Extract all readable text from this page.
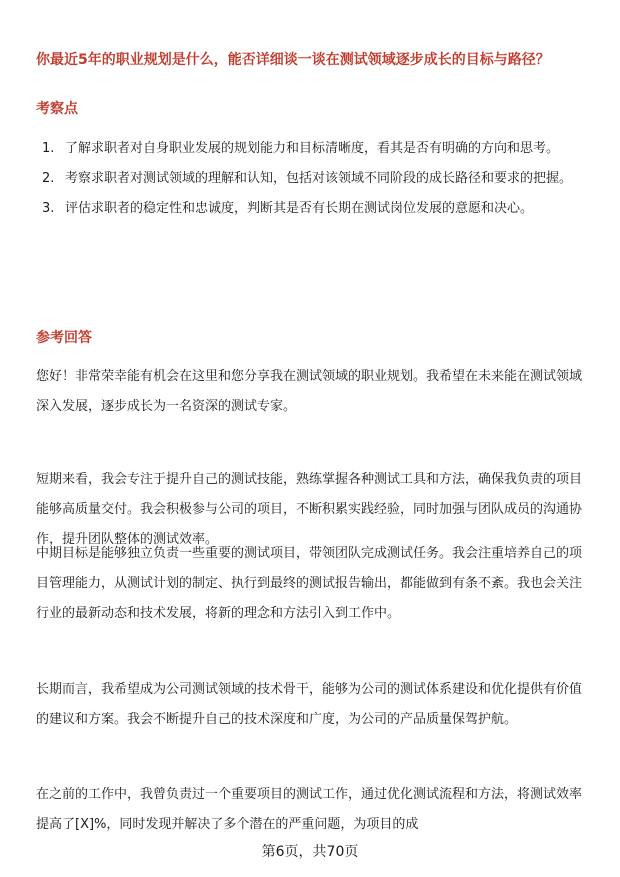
你最近5年的职业规划是什么，能否详细谈一谈在测试领域逐步成长的目标与路径？
考察点
1. 了解求职者对自身职业发展的规划能力和目标清晰度，看其是否有明确的方向和思考。
2. 考察求职者对测试领域的理解和认知，包括对该领域不同阶段的成长路径和要求的把握。
3. 评估求职者的稳定性和忠诚度，判断其是否有长期在测试岗位发展的意愿和决心。
参考回答

您好！非常荣幸能有机会在这里和您分享我在测试领域的职业规划。我希望在未来能在测试领域深入发展，逐步成长为一名资深的测试专家。

短期来看，我会专注于提升自己的测试技能，熟练掌握各种测试工具和方法，确保我负责的项目能够高质量交付。我会积极参与公司的项目，不断积累实践经验，同时加强与团队成员的沟通协作，提升团队整体的测试效率。

中期目标是能够独立负责一些重要的测试项目，带领团队完成测试任务。我会注重培养自己的项目管理能力，从测试计划的制定、执行到最终的测试报告输出，都能做到有条不紊。我也会关注行业的最新动态和技术发展，将新的理念和方法引入到工作中。

长期而言，我希望成为公司测试领域的技术骨干，能够为公司的测试体系建设和优化提供有价值的建议和方案。我会不断提升自己的技术深度和广度，为公司的产品质量保驾护航。

在之前的工作中，我曾负责过一个重要项目的测试工作，通过优化测试流程和方法，将测试效率提高了[X]%，同时发现并解决了多个潜在的严重问题，为项目的成

第6页，共70页
